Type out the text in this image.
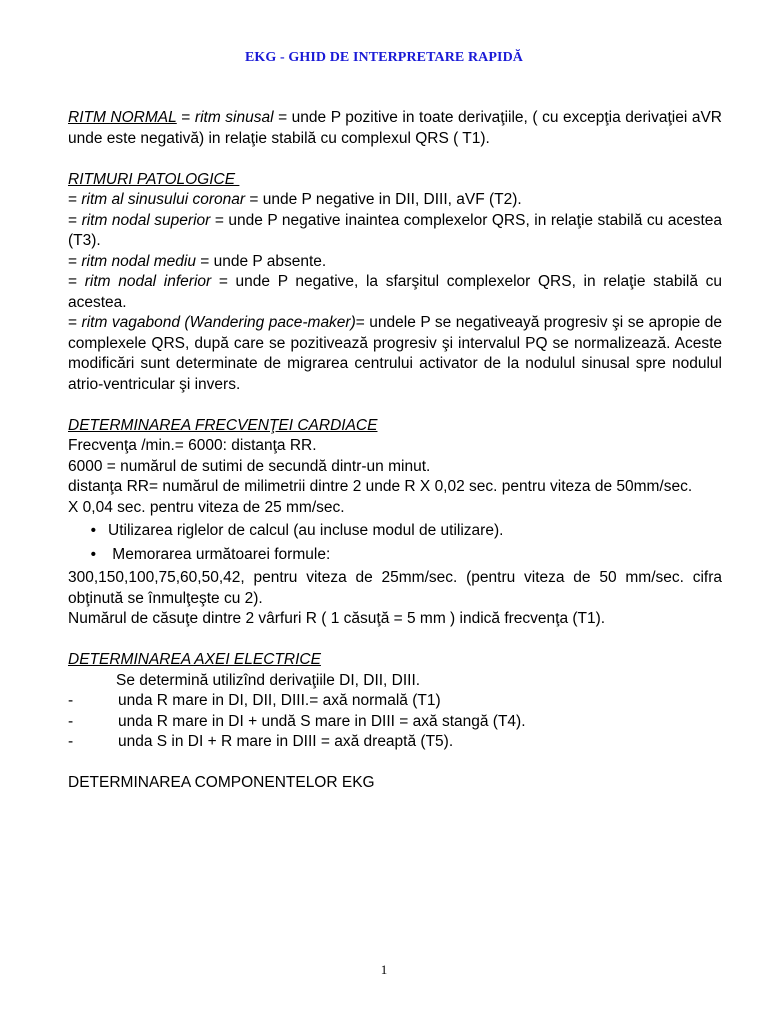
EKG - GHID DE INTERPRETARE RAPIDĂ

RITM NORMAL = ritm sinusal = unde P pozitive in toate derivaţiile, ( cu excepţia derivaţiei aVR unde este negativă) in relaţie stabilă cu complexul QRS ( T1).

RITMURI PATOLOGICE

= ritm al sinusului coronar = unde P negative in DII, DIII, aVF (T2).

= ritm nodal superior = unde P negative inaintea complexelor QRS, in relaţie stabilă cu acestea (T3).

= ritm nodal mediu = unde P absente.

= ritm nodal inferior = unde P negative, la sfarşitul complexelor QRS, in relaţie stabilă cu acestea.

= ritm vagabond (Wandering pace-maker)= undele P se negativeayă progresiv şi se apropie de complexele QRS, după care se pozitivează progresiv şi intervalul PQ se normalizează. Aceste modificări sunt determinate de migrarea centrului activator de la nodulul sinusal spre nodulul atrio-ventricular şi invers.

DETERMINAREA FRECVENŢEI CARDIACE

Frecvenţa /min.= 6000: distanţa RR.

6000 = numărul de sutimi de secundă dintr-un minut.

distanţa RR= numărul de milimetrii dintre 2 unde R X 0,02 sec. pentru viteza de 50mm/sec.

X 0,04 sec. pentru viteza de 25 mm/sec.

• Utilizarea riglelor de calcul (au incluse modul de utilizare).
• Memorarea următoarei formule:

300,150,100,75,60,50,42, pentru viteza de 25mm/sec. (pentru viteza de 50 mm/sec. cifra obţinută se înmulţeşte cu 2).

Numărul de căsuţe dintre 2 vârfuri R ( 1 căsuţă = 5 mm ) indică frecvenţa (T1).

DETERMINAREA AXEI ELECTRICE

Se determină utilizînd derivaţiile DI, DII, DIII.

-	unda R mare in DI, DII, DIII.= axă normală (T1)
-	unda R mare in DI + undă S mare in DIII = axă stangă (T4).
-	unda S in DI + R mare in DIII = axă dreaptă (T5).

DETERMINAREA COMPONENTELOR EKG

1
